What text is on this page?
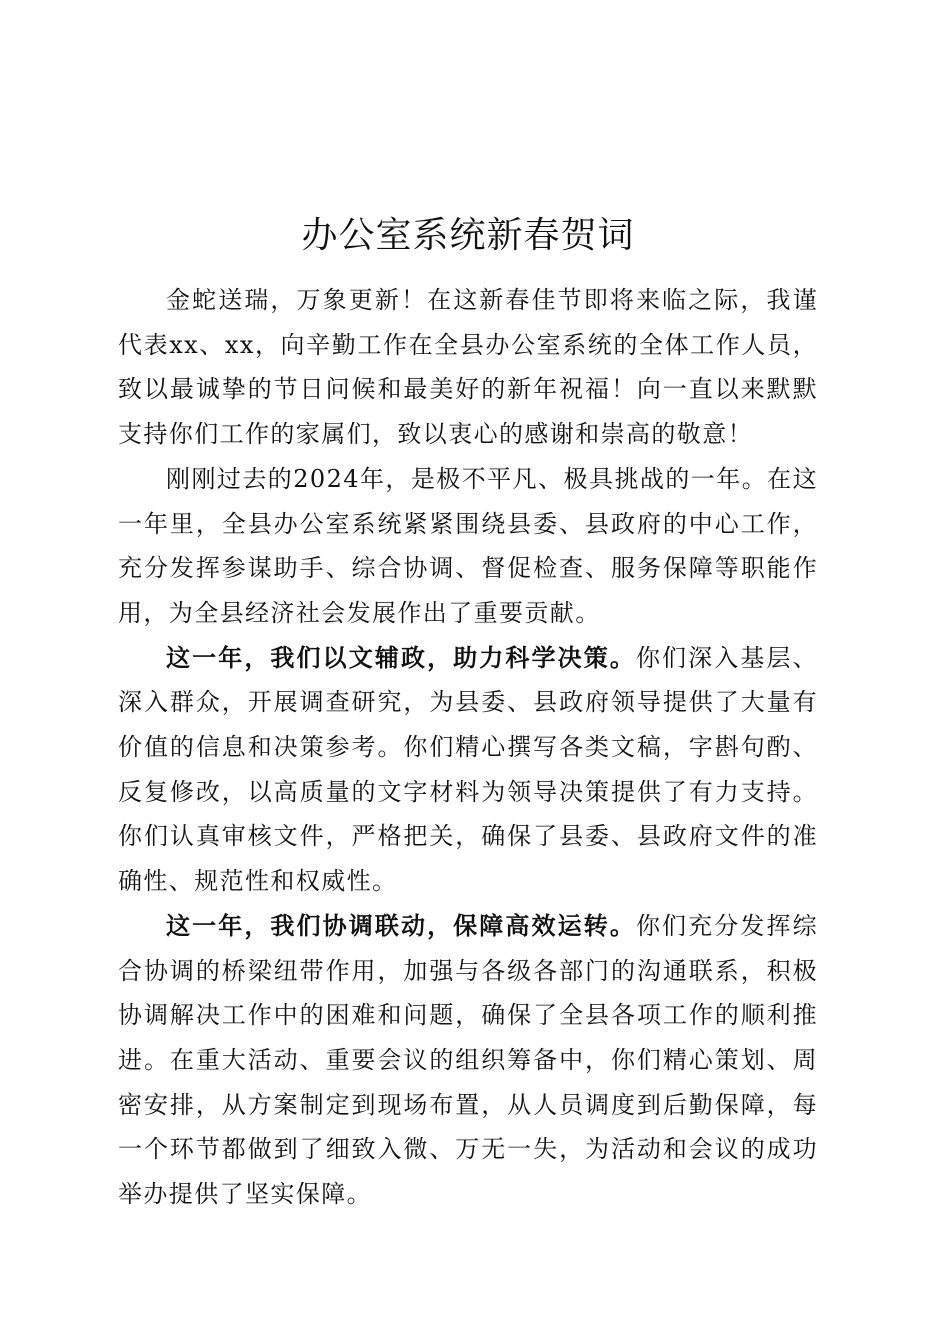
办公室系统新春贺词

金蛇送瑞，万象更新！在这新春佳节即将来临之际，我谨代表xx、xx，向辛勤工作在全县办公室系统的全体工作人员，致以最诚挚的节日问候和最美好的新年祝福！向一直以来默默支持你们工作的家属们，致以衷心的感谢和崇高的敬意！

刚刚过去的2024年，是极不平凡、极具挑战的一年。在这一年里，全县办公室系统紧紧围绕县委、县政府的中心工作，充分发挥参谋助手、综合协调、督促检查、服务保障等职能作用，为全县经济社会发展作出了重要贡献。

这一年，我们以文辅政，助力科学决策。你们深入基层、深入群众，开展调查研究，为县委、县政府领导提供了大量有价值的信息和决策参考。你们精心撰写各类文稿，字斟句酌、反复修改，以高质量的文字材料为领导决策提供了有力支持。你们认真审核文件，严格把关，确保了县委、县政府文件的准确性、规范性和权威性。

这一年，我们协调联动，保障高效运转。你们充分发挥综合协调的桥梁纽带作用，加强与各级各部门的沟通联系，积极协调解决工作中的困难和问题，确保了全县各项工作的顺利推进。在重大活动、重要会议的组织筹备中，你们精心策划、周密安排，从方案制定到现场布置，从人员调度到后勤保障，每一个环节都做到了细致入微、万无一失，为活动和会议的成功举办提供了坚实保障。
